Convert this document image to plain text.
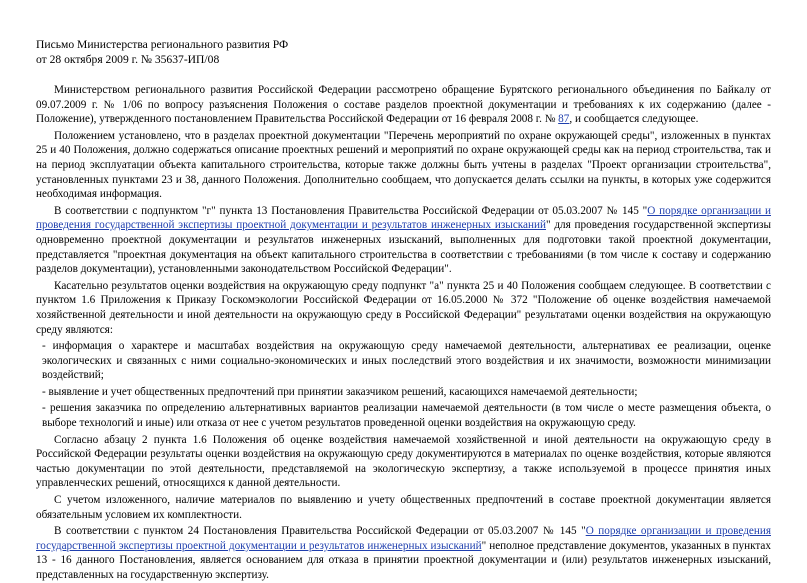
Письмо Министерства регионального развития РФ
от 28 октября 2009 г. № 35637-ИП/08

Министерством регионального развития Российской Федерации рассмотрено обращение Бурятского регионального объединения по Байкалу от 09.07.2009 г. № 1/06 по вопросу разъяснения Положения о составе разделов проектной документации и требованиях к их содержанию (далее - Положение), утвержденного постановлением Правительства Российской Федерации от 16 февраля 2008 г. № 87, и сообщается следующее.

Положением установлено, что в разделах проектной документации "Перечень мероприятий по охране окружающей среды", изложенных в пунктах 25 и 40 Положения, должно содержаться описание проектных решений и мероприятий по охране окружающей среды как на период строительства, так и на период эксплуатации объекта капитального строительства, которые также должны быть учтены в разделах "Проект организации строительства", установленных пунктами 23 и 38, данного Положения. Дополнительно сообщаем, что допускается делать ссылки на пункты, в которых уже содержится необходимая информация.

В соответствии с подпунктом "г" пункта 13 Постановления Правительства Российской Федерации от 05.03.2007 № 145 "О порядке организации и проведения государственной экспертизы проектной документации и результатов инженерных изысканий" для проведения государственной экспертизы одновременно проектной документации и результатов инженерных изысканий, выполненных для подготовки такой проектной документации, представляется "проектная документация на объект капитального строительства в соответствии с требованиями (в том числе к составу и содержанию разделов документации), установленными законодательством Российской Федерации".

Касательно результатов оценки воздействия на окружающую среду подпункт "а" пункта 25 и 40 Положения сообщаем следующее. В соответствии с пунктом 1.6 Приложения к Приказу Госкомэкологии Российской Федерации от 16.05.2000 № 372 "Положение об оценке воздействия намечаемой хозяйственной деятельности и иной деятельности на окружающую среду в Российской Федерации" результатами оценки воздействия на окружающую среду являются:

- информация о характере и масштабах воздействия на окружающую среду намечаемой деятельности, альтернативах ее реализации, оценке экологических и связанных с ними социально-экономических и иных последствий этого воздействия и их значимости, возможности минимизации воздействий;

- выявление и учет общественных предпочтений при принятии заказчиком решений, касающихся намечаемой деятельности;

- решения заказчика по определению альтернативных вариантов реализации намечаемой деятельности (в том числе о месте размещения объекта, о выборе технологий и иные) или отказа от нее с учетом результатов проведенной оценки воздействия на окружающую среду.

Согласно абзацу 2 пункта 1.6 Положения об оценке воздействия намечаемой хозяйственной и иной деятельности на окружающую среду в Российской Федерации результаты оценки воздействия на окружающую среду документируются в материалах по оценке воздействия, которые являются частью документации по этой деятельности, представляемой на экологическую экспертизу, а также используемой в процессе принятия иных управленческих решений, относящихся к данной деятельности.

С учетом изложенного, наличие материалов по выявлению и учету общественных предпочтений в составе проектной документации является обязательным условием их комплектности.

В соответствии с пунктом 24 Постановления Правительства Российской Федерации от 05.03.2007 № 145 "О порядке организации и проведения государственной экспертизы проектной документации и результатов инженерных изысканий" неполное представление документов, указанных в пунктах 13 - 16 данного Постановления, является основанием для отказа в принятии проектной документации и (или) результатов инженерных изысканий, представленных на государственную экспертизу.
